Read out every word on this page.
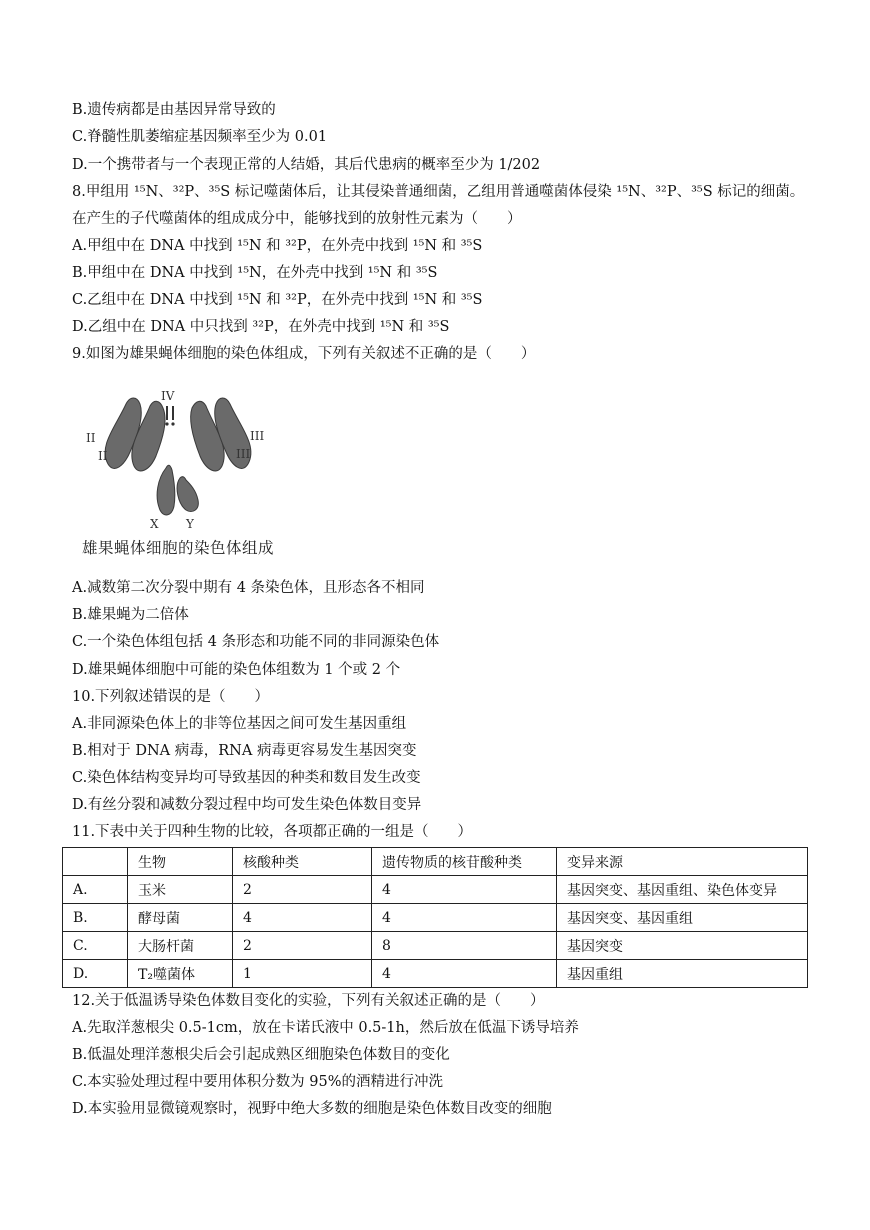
B.遗传病都是由基因异常导致的
C.脊髓性肌萎缩症基因频率至少为 0.01
D.一个携带者与一个表现正常的人结婚，其后代患病的概率至少为 1/202
8.甲组用 ¹⁵N、³²P、³⁵S 标记噬菌体后，让其侵染普通细菌，乙组用普通噬菌体侵染 ¹⁵N、³²P、³⁵S 标记的细菌。
在产生的子代噬菌体的组成成分中，能够找到的放射性元素为（　　）
A.甲组中在 DNA 中找到 ¹⁵N 和 ³²P，在外壳中找到 ¹⁵N 和 ³⁵S
B.甲组中在 DNA 中找到 ¹⁵N，在外壳中找到 ¹⁵N 和 ³⁵S
C.乙组中在 DNA 中找到 ¹⁵N 和 ³²P，在外壳中找到 ¹⁵N 和 ³⁵S
D.乙组中在 DNA 中只找到 ³²P，在外壳中找到 ¹⁵N 和 ³⁵S
9.如图为雄果蝇体细胞的染色体组成，下列有关叙述不正确的是（　　）
IV
II
II
III
III
X Y
雄果蝇体细胞的染色体组成
A.减数第二次分裂中期有 4 条染色体，且形态各不相同
B.雄果蝇为二倍体
C.一个染色体组包括 4 条形态和功能不同的非同源染色体
D.雄果蝇体细胞中可能的染色体组数为 1 个或 2 个
10.下列叙述错误的是（　　）
A.非同源染色体上的非等位基因之间可发生基因重组
B.相对于 DNA 病毒，RNA 病毒更容易发生基因突变
C.染色体结构变异均可导致基因的种类和数目发生改变
D.有丝分裂和减数分裂过程中均可发生染色体数目变异
11.下表中关于四种生物的比较，各项都正确的一组是（　　）
	生物	核酸种类	遗传物质的核苷酸种类	变异来源
A.	玉米	2	4	基因突变、基因重组、染色体变异
B.	酵母菌	4	4	基因突变、基因重组
C.	大肠杆菌	2	8	基因突变
D.	T₂噬菌体	1	4	基因重组
12.关于低温诱导染色体数目变化的实验，下列有关叙述正确的是（　　）
A.先取洋葱根尖 0.5-1cm，放在卡诺氏液中 0.5-1h，然后放在低温下诱导培养
B.低温处理洋葱根尖后会引起成熟区细胞染色体数目的变化
C.本实验处理过程中要用体积分数为 95%的酒精进行冲洗
D.本实验用显微镜观察时，视野中绝大多数的细胞是染色体数目改变的细胞
